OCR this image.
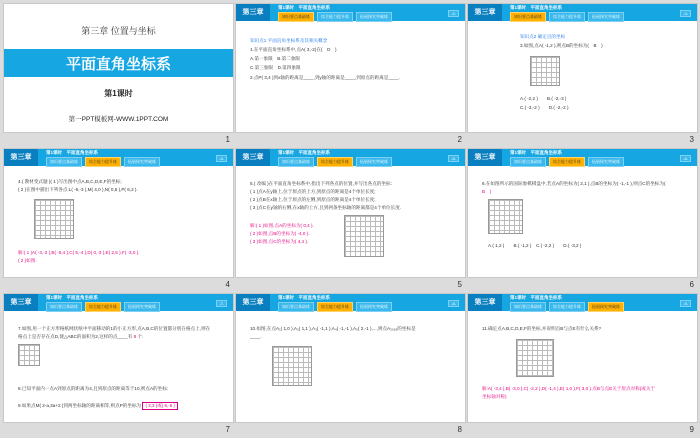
第三章 位置与坐标
平面直角坐标系
第1课时
第一PPT模板网-WWW.1PPT.COM
1
第三章
第1课时　平面直角坐标系
知识要点基础练	综合能力提升练	拓展探究突破练
-2-
知识点1 平面直角坐标系及其相关概念
1.在平面直角坐标系中,点A( 3,-2)在(　D　)
A.第一象限　B.第二象限
C.第三象限　D.第四象限
2.点P( 3,4 )到x轴的距离是____,到y轴的距离是____,到原点的距离是____.
2
第三章
第1课时　平面直角坐标系
知识要点基础练	综合能力提升练	拓展探究突破练
-3-
知识点2 确定点的坐标
3.如图,点A( -1,2 ),则点B的坐标为(　B　)
A.( -2,2 )　　B.( -2,-3 )
C.( -3,-2 )　　D.( -2,-2 )
3
第三章
第1课时　平面直角坐标系
知识要点基础练	综合能力提升练	拓展探究突破练
-4-
4.( 教材变式题 )( 1 )写出图中点A,B,C,D,E,F的坐标;
( 2 )在图中描出下列各点:L( -5,-3 ),M( 4,0 ),N( 0,5 ),P( 6,2 ).
解:( 1 )A( -3,-2 ),B( -5,4 ),C( 5,-4 ),D( 0,-3 ),E( 2,5 ),F( -3,0 ).
( 2 )如图.
4
第三章
第1课时　平面直角坐标系
知识要点基础练	综合能力提升练	拓展探究突破练
-5-
5.( 改编 )在平面直角坐标系中,指出下列各点的位置,并写出各点的坐标:
( 1 )点A在y轴上,位于原点的上方,到原点的距离是4个单位长度;
( 2 )点B在x轴上,位于原点的左侧,到原点的距离是4个单位长度;
( 3 )点C在y轴的右侧,在x轴的上方,且到两条坐标轴的距离都是4个单位长度.
解:( 1 )如图,点A的坐标为( 0,4 ).
( 2 )如图,点B的坐标为( -4,0 ).
( 3 )如图,点C的坐标为( 4,4 ).
5
第三章
第1课时　平面直角坐标系
知识要点基础练	综合能力提升练	拓展探究突破练
-6-
6.在如图所示的国际象棋棋盘中,若点A的坐标为( 2,1 ),点B的坐标为( -1,-1 ),则点C的坐标为(
B　)
A.( 1,2 )　　B.( -1,2 )　C.( -2,2 )　　D.( -3,2 )
6
第三章
第1课时　平面直角坐标系
知识要点基础练	综合能力提升练	拓展探究突破练
-7-
7.如图,用一个正方形格纸网状纸中平面移动的1的小正方形,点A,B,C的位置都分别在格点上,则在
格点上是否存在点D,使△ABC的面积为2,这样的点____有 8 个.
8.已知平面内一点A到原点的距离为4,且到原点的距离等于10,则点A的坐标:
9.如果点M( 2-a,3a+2 )到两坐标轴的距离相等,则点P的坐标为 ( 3,3 )或( 6,-6 )
7
第三章
第1课时　平面直角坐标系
知识要点基础练	综合能力提升练	拓展探究突破练
-8-
10.如图,在点A₁( 1,0 ),A₂( 1,1 ),A₃( -1,1 ),A₄( -1,-1 ),A₅( 2,-1 ),...,则点A₂₀₁₉的坐标是
____.
8
第三章
第1课时　平面直角坐标系
知识要点基础练	综合能力提升练	拓展探究突破练
-9-
11.确定点A,B,C,D,E,F的坐标,并说明点B与点E有什么关系?
解:A( -3,4 ),B( -3,0 ),C( -2,2 ),D( -1,4 ),E( 1,0 ),F( 3,0 ).点B与点E关于原点对称(或关于
坐标轴对称)
9
